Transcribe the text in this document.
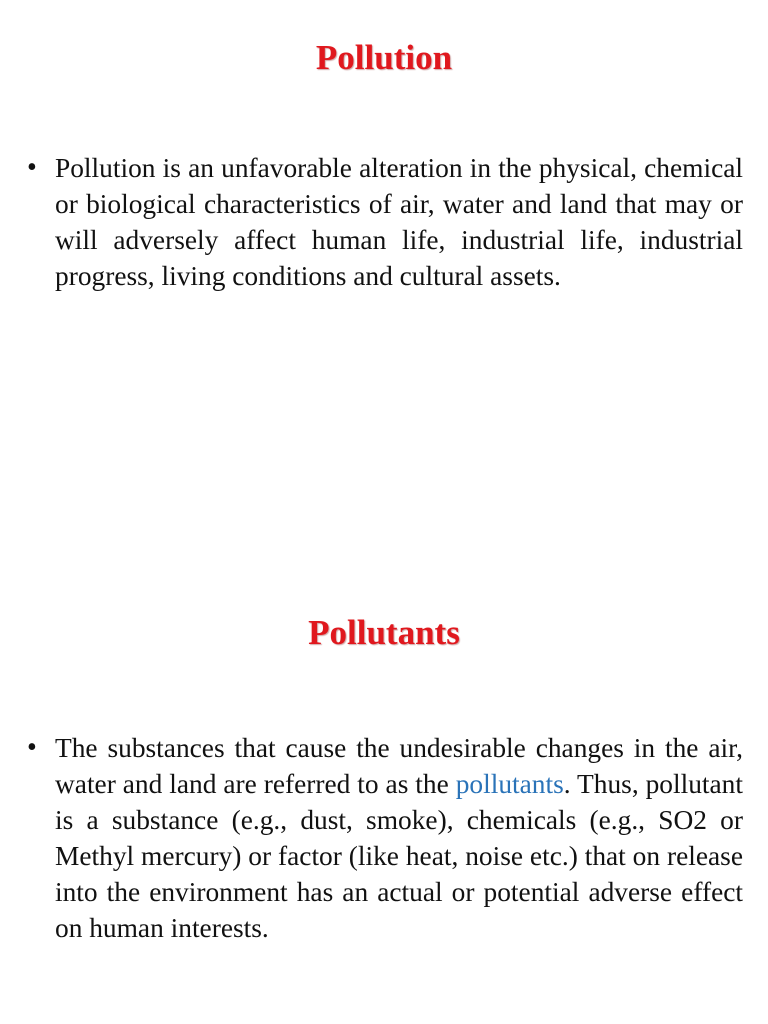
Pollution
• Pollution is an unfavorable alteration in the physical, chemical or biological characteristics of air, water and land that may or will adversely affect human life, industrial life, industrial progress, living conditions and cultural assets.

Pollutants
• The substances that cause the undesirable changes in the air, water and land are referred to as the pollutants. Thus, pollutant is a substance (e.g., dust, smoke), chemicals (e.g., SO2 or Methyl mercury) or factor (like heat, noise etc.) that on release into the environment has an actual or potential adverse effect on human interests.
